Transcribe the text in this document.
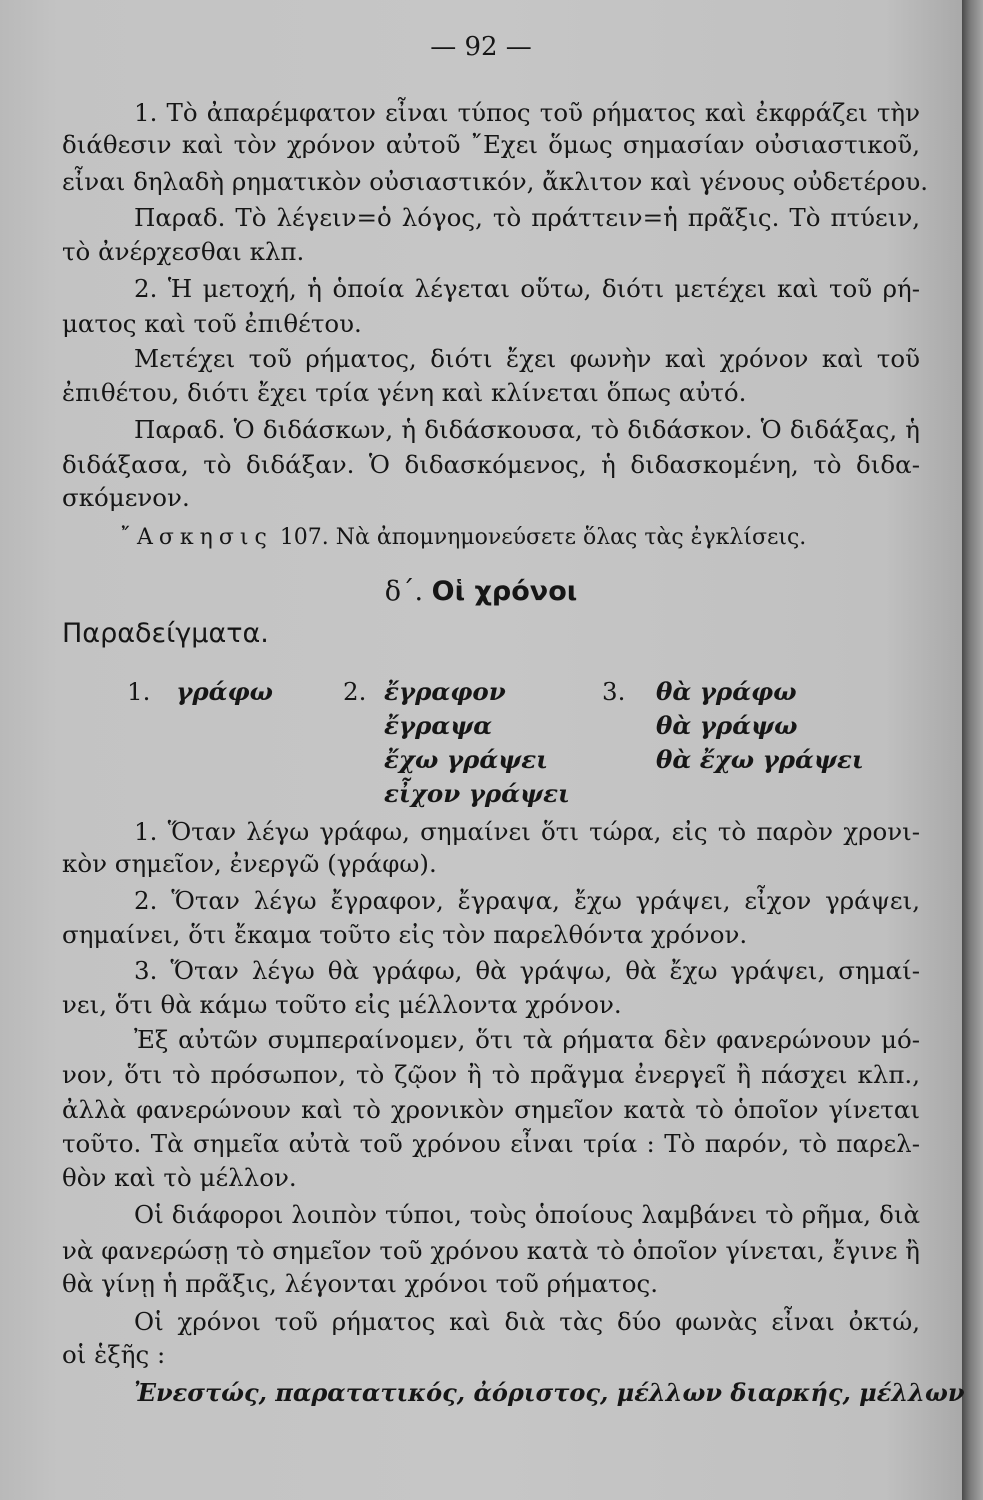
— 92 —
1. Τὸ ἀπαρέμφατον εἶναι τύπος τοῦ ρήματος καὶ ἐκφράζει τὴν
διάθεσιν καὶ τὸν χρόνον αὐτοῦ ῎Εχει ὅμως σημασίαν οὐσιαστικοῦ,
εἶναι δηλαδὴ ρηματικὸν οὐσιαστικόν, ἄκλιτον καὶ γένους οὐδετέρου.
Παραδ. Τὸ λέγειν=ὁ λόγος, τὸ πράττειν=ἡ πρᾶξις. Τὸ πτύειν,
τὸ ἀνέρχεσθαι κλπ.
2. Ἡ μετοχή, ἡ ὁποία λέγεται οὕτω, διότι μετέχει καὶ τοῦ ρή-
ματος καὶ τοῦ ἐπιθέτου.
Μετέχει τοῦ ρήματος, διότι ἔχει φωνὴν καὶ χρόνον καὶ τοῦ
ἐπιθέτου, διότι ἔχει τρία γένη καὶ κλίνεται ὅπως αὐτό.
Παραδ. Ὁ διδάσκων, ἡ διδάσκουσα, τὸ διδάσκον. Ὁ διδάξας, ἡ
διδάξασα, τὸ διδάξαν. Ὁ διδασκόμενος, ἡ διδασκομένη, τὸ διδα-
σκόμενον.
῎Ασκησις 107. Νὰ ἀπομνημονεύσετε ὅλας τὰς ἐγκλίσεις.
δ΄. Οἱ χρόνοι
Παραδείγματα.
1. γράφω	2. ἔγραφον
ἔγραψα
ἔχω γράψει
εἶχον γράψει
3. θὰ γράφω
θὰ γράψω
θὰ ἔχω γράψει
1. Ὅταν λέγω γράφω, σημαίνει ὅτι τώρα, εἰς τὸ παρὸν χρονι-
κὸν σημεῖον, ἐνεργῶ (γράφω).
2. Ὅταν λέγω ἔγραφον, ἔγραψα, ἔχω γράψει, εἶχον γράψει,
σημαίνει, ὅτι ἔκαμα τοῦτο εἰς τὸν παρελθόντα χρόνον.
3. Ὅταν λέγω θὰ γράφω, θὰ γράψω, θὰ ἔχω γράψει, σημαί-
νει, ὅτι θὰ κάμω τοῦτο εἰς μέλλοντα χρόνον.
Ἐξ αὐτῶν συμπεραίνομεν, ὅτι τὰ ρήματα δὲν φανερώνουν μό-
νον, ὅτι τὸ πρόσωπον, τὸ ζῷον ἢ τὸ πρᾶγμα ἐνεργεῖ ἢ πάσχει κλπ.,
ἀλλὰ φανερώνουν καὶ τὸ χρονικὸν σημεῖον κατὰ τὸ ὁποῖον γίνεται
τοῦτο. Τὰ σημεῖα αὐτὰ τοῦ χρόνου εἶναι τρία : Τὸ παρόν, τὸ παρελ-
θὸν καὶ τὸ μέλλον.
Οἱ διάφοροι λοιπὸν τύποι, τοὺς ὁποίους λαμβάνει τὸ ρῆμα, διὰ
νὰ φανερώσῃ τὸ σημεῖον τοῦ χρόνου κατὰ τὸ ὁποῖον γίνεται, ἔγινε ἢ
θὰ γίνῃ ἡ πρᾶξις, λέγονται χρόνοι τοῦ ρήματος.
Οἱ χρόνοι τοῦ ρήματος καὶ διὰ τὰς δύο φωνὰς εἶναι ὀκτώ,
οἱ ἑξῆς :
Ἐνεστώς, παρατατικός, ἀόριστος, μέλλων διαρκής, μέλλων
